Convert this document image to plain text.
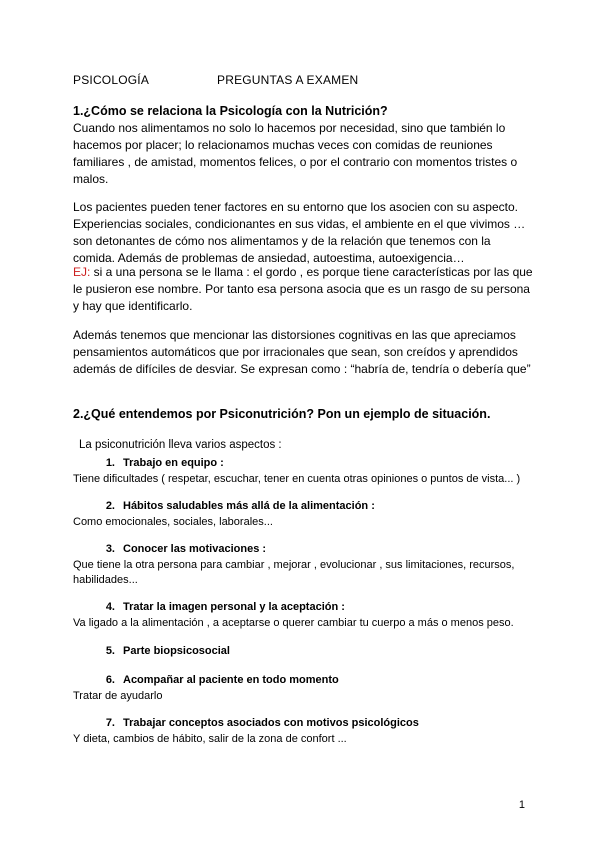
PSICOLOGÍA	PREGUNTAS A EXAMEN
1.¿Cómo se relaciona la Psicología con la Nutrición?
Cuando nos alimentamos no solo lo hacemos por necesidad, sino que también lo hacemos por placer; lo relacionamos muchas veces con comidas de reuniones familiares , de amistad, momentos felices, o por el contrario con momentos tristes o malos.
Los pacientes pueden tener factores en su entorno que los asocien con su aspecto. Experiencias sociales, condicionantes en sus vidas, el ambiente en el que vivimos … son detonantes de cómo nos alimentamos y de la relación que tenemos con la comida. Además de problemas de ansiedad, autoestima, autoexigencia…
EJ: si a una persona se le llama : el gordo , es porque tiene características por las que le pusieron ese nombre. Por tanto esa persona asocia que es un rasgo de su persona y hay que identificarlo.
Además tenemos que mencionar las distorsiones cognitivas en las que apreciamos pensamientos automáticos que por irracionales que sean, son creídos y aprendidos además de difíciles de desviar. Se expresan como : “habría de, tendría o debería que”
2.¿Qué entendemos por Psiconutrición? Pon un ejemplo de situación.
La psiconutrición lleva varios aspectos :
1. Trabajo en equipo :
Tiene dificultades ( respetar, escuchar, tener en cuenta otras opiniones o puntos de vista... )
2. Hábitos saludables más allá de la alimentación :
Como emocionales, sociales, laborales...
3. Conocer las motivaciones :
Que tiene la otra persona para cambiar , mejorar , evolucionar , sus limitaciones, recursos, habilidades...
4. Tratar la imagen personal y la aceptación :
Va ligado a la alimentación , a aceptarse o querer cambiar tu cuerpo a más o menos peso.
5. Parte biopsicosocial
6. Acompañar al paciente en todo momento
Tratar de ayudarlo
7. Trabajar conceptos asociados con motivos psicológicos
Y dieta, cambios de hábito, salir de la zona de confort ...
1
